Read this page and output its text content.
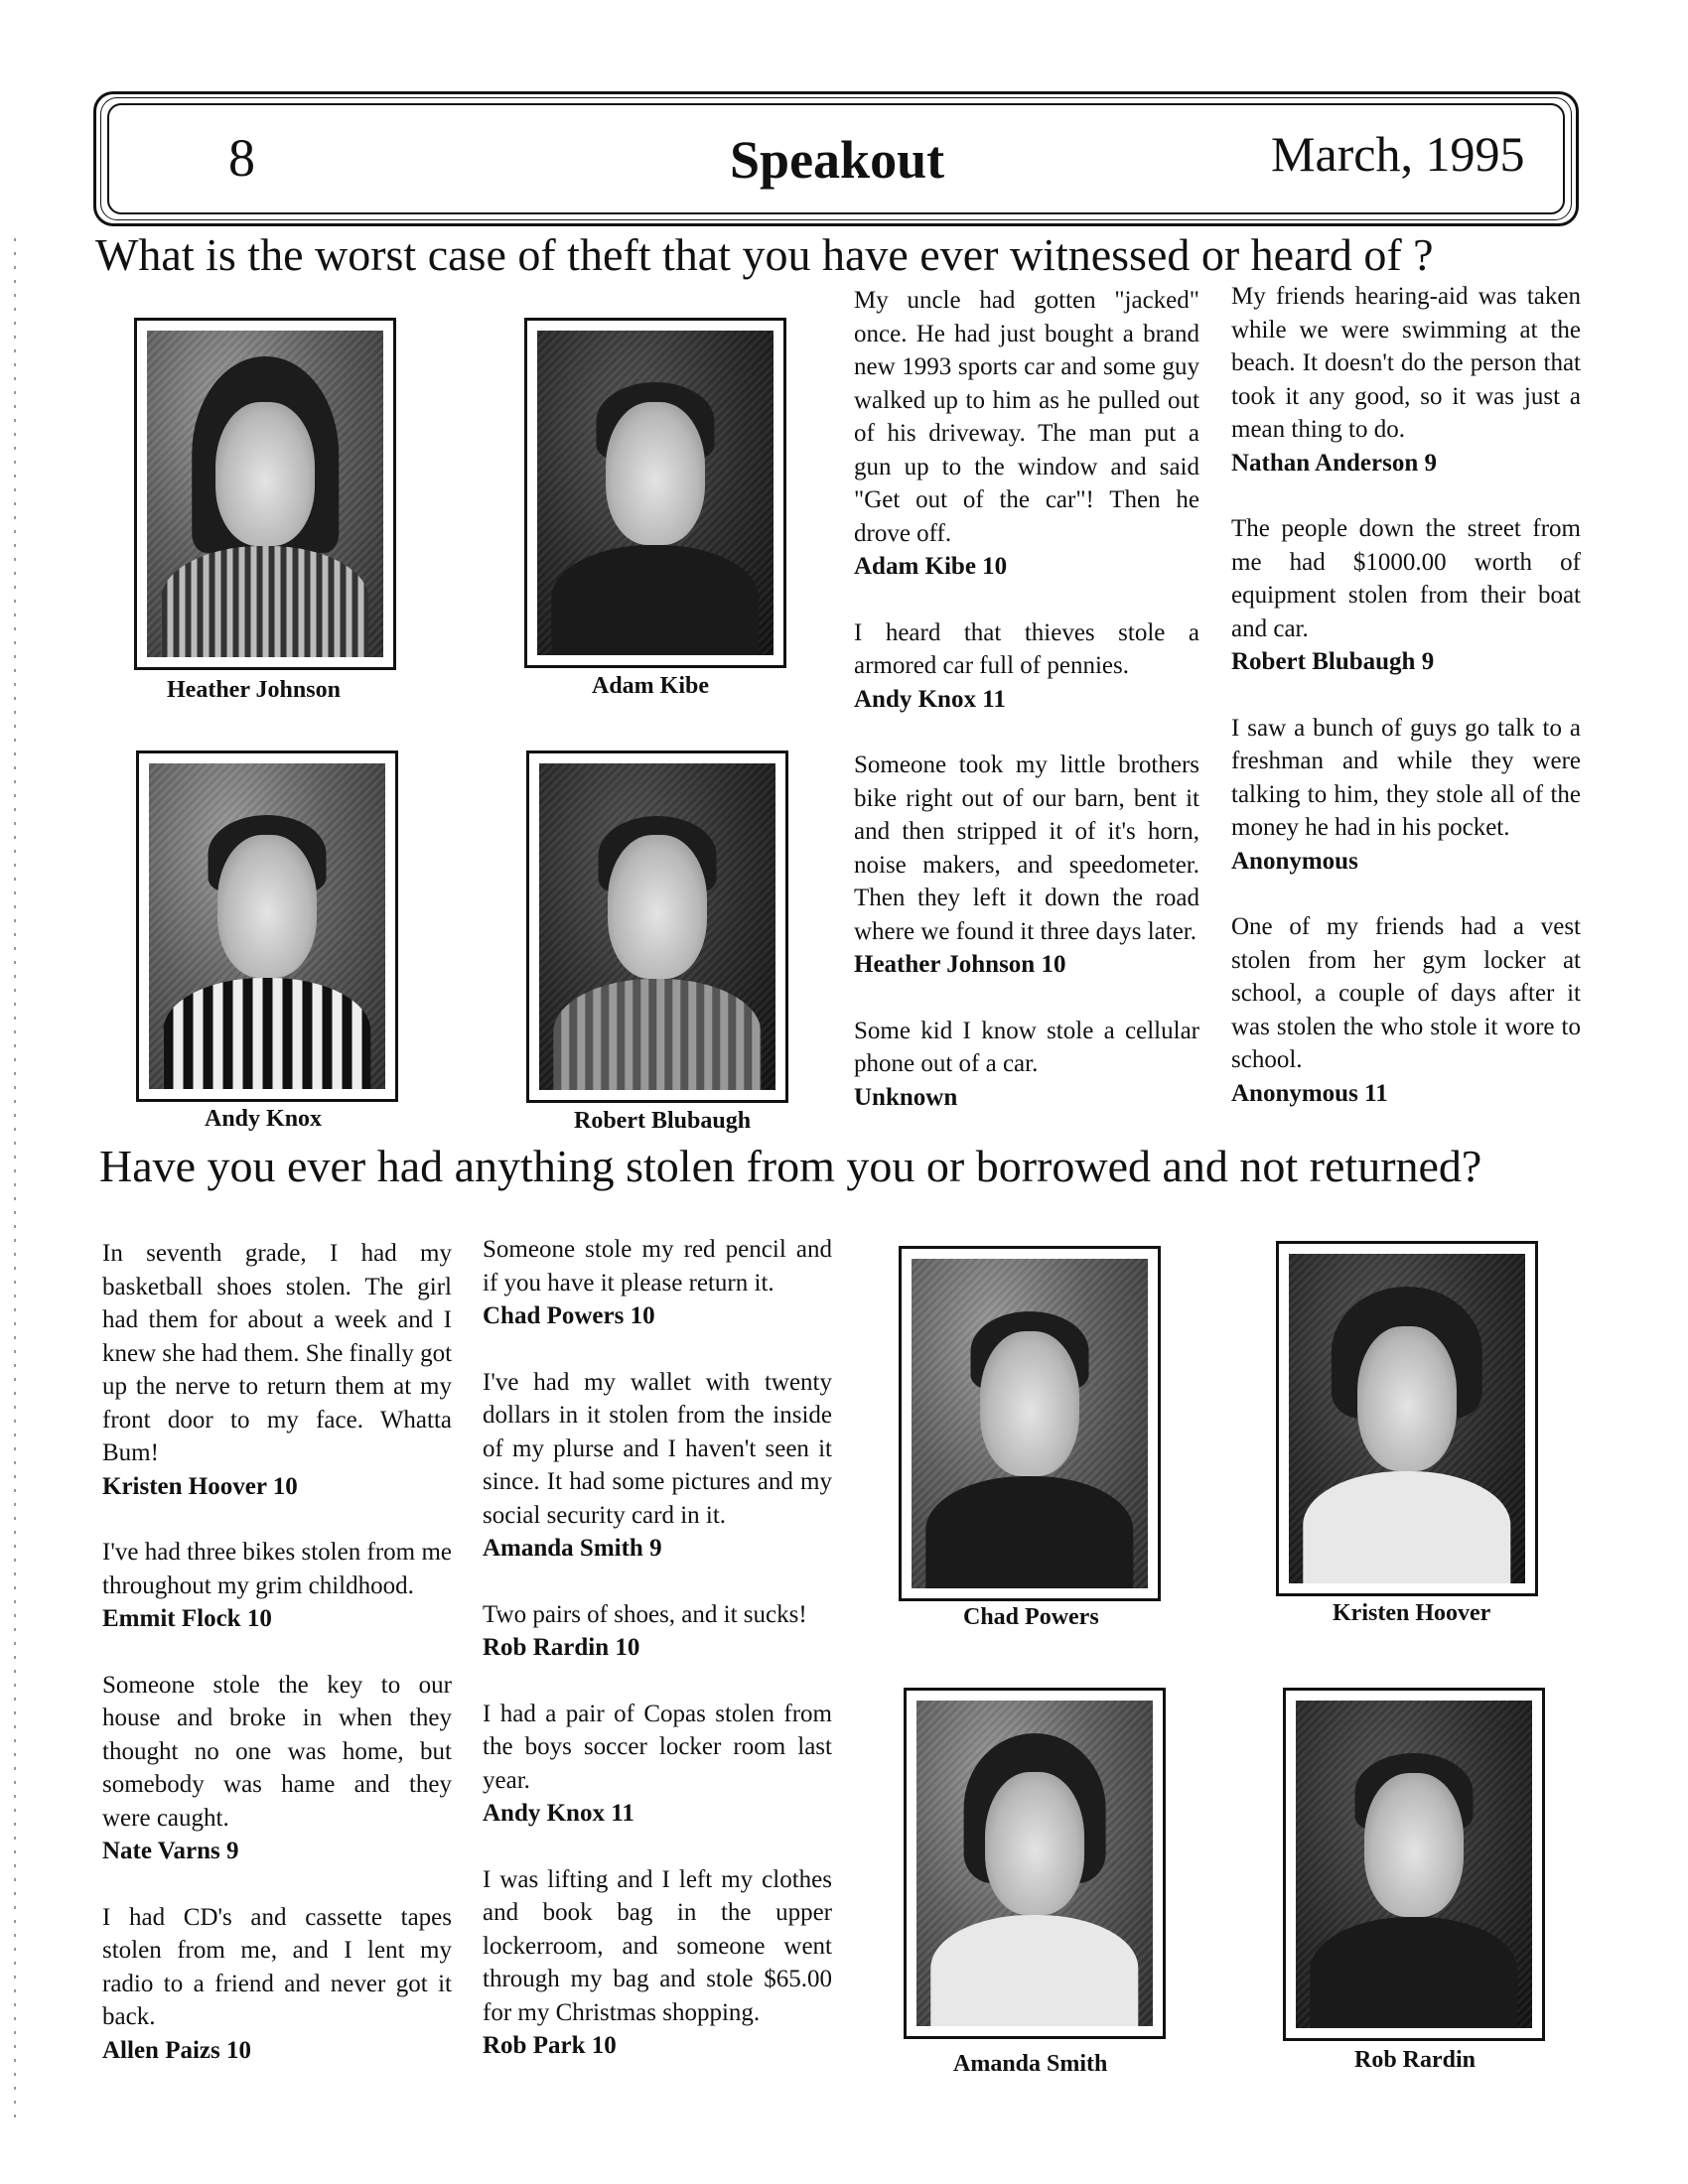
8	Speakout	March, 1995
What is the worst case of theft that you have ever witnessed or heard of ?
Heather Johnson	Adam Kibe
Andy Knox	Robert Blubaugh

My uncle had gotten "jacked" once. He had just bought a brand new 1993 sports car and some guy walked up to him as he pulled out of his driveway. The man put a gun up to the window and said "Get out of the car"! Then he drove off.
Adam Kibe 10

I heard that thieves stole a armored car full of pennies.
Andy Knox 11

Someone took my little brothers bike right out of our barn, bent it and then stripped it of it's horn, noise makers, and speedometer. Then they left it down the road where we found it three days later.
Heather Johnson 10

Some kid I know stole a cellular phone out of a car.
Unknown

My friends hearing-aid was taken while we were swimming at the beach. It doesn't do the person that took it any good, so it was just a mean thing to do.
Nathan Anderson 9

The people down the street from me had $1000.00 worth of equipment stolen from their boat and car.
Robert Blubaugh 9

I saw a bunch of guys go talk to a freshman and while they were talking to him, they stole all of the money he had in his pocket.
Anonymous

One of my friends had a vest stolen from her gym locker at school, a couple of days after it was stolen the who stole it wore to school.
Anonymous 11

Have you ever had anything stolen from you or borrowed and not returned?

In seventh grade, I had my basketball shoes stolen. The girl had them for about a week and I knew she had them. She finally got up the nerve to return them at my front door to my face. Whatta Bum!
Kristen Hoover 10

I've had three bikes stolen from me throughout my grim childhood.
Emmit Flock 10

Someone stole the key to our house and broke in when they thought no one was home, but somebody was hame and they were caught.
Nate Varns 9

I had CD's and cassette tapes stolen from me, and I lent my radio to a friend and never got it back.
Allen Paizs 10

Someone stole my red pencil and if you have it please return it.
Chad Powers 10

I've had my wallet with twenty dollars in it stolen from the inside of my plurse and I haven't seen it since. It had some pictures and my social security card in it.
Amanda Smith 9

Two pairs of shoes, and it sucks!
Rob Rardin 10

I had a pair of Copas stolen from the boys soccer locker room last year.
Andy Knox 11

I was lifting and I left my clothes and book bag in the upper lockerroom, and someone went through my bag and stole $65.00 for my Christmas shopping.
Rob Park 10

Chad Powers	Kristen Hoover
Amanda Smith	Rob Rardin
